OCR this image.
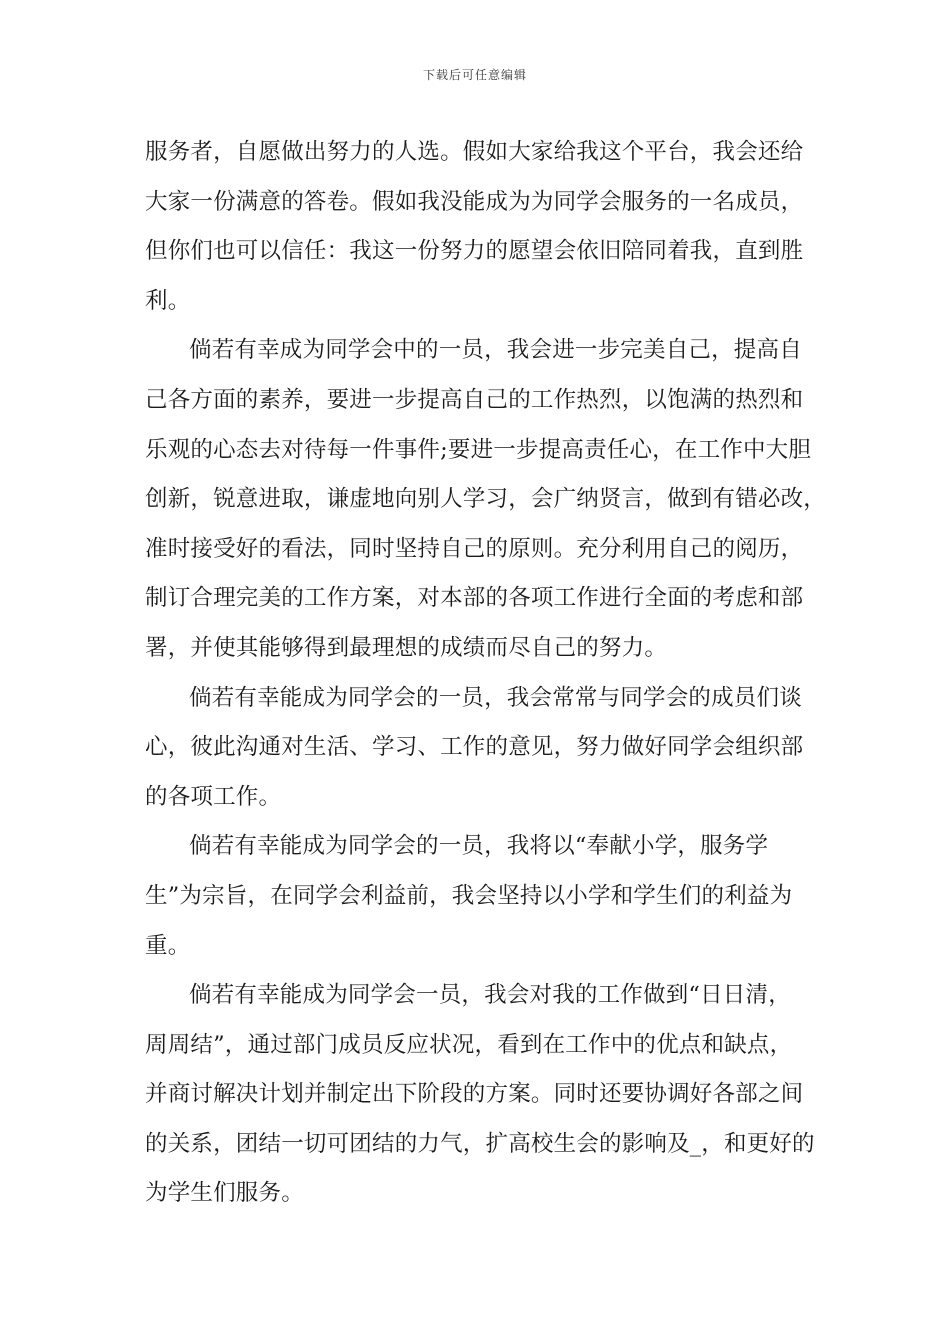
下载后可任意编辑
服务者，自愿做出努力的人选。假如大家给我这个平台，我会还给
大家一份满意的答卷。假如我没能成为为同学会服务的一名成员，
但你们也可以信任：我这一份努力的愿望会依旧陪同着我，直到胜
利。
倘若有幸成为同学会中的一员，我会进一步完美自己，提高自
己各方面的素养，要进一步提高自己的工作热烈，以饱满的热烈和
乐观的心态去对待每一件事件;要进一步提高责任心，在工作中大胆
创新，锐意进取，谦虚地向别人学习，会广纳贤言，做到有错必改，
准时接受好的看法，同时坚持自己的原则。充分利用自己的阅历，
制订合理完美的工作方案，对本部的各项工作进行全面的考虑和部
署，并使其能够得到最理想的成绩而尽自己的努力。
倘若有幸能成为同学会的一员，我会常常与同学会的成员们谈
心，彼此沟通对生活、学习、工作的意见，努力做好同学会组织部
的各项工作。
倘若有幸能成为同学会的一员，我将以“奉献小学，服务学
生”为宗旨，在同学会利益前，我会坚持以小学和学生们的利益为
重。
倘若有幸能成为同学会一员，我会对我的工作做到“日日清，
周周结”，通过部门成员反应状况，看到在工作中的优点和缺点，
并商讨解决计划并制定出下阶段的方案。同时还要协调好各部之间
的关系，团结一切可团结的力气，扩高校生会的影响及_，和更好的
为学生们服务。
